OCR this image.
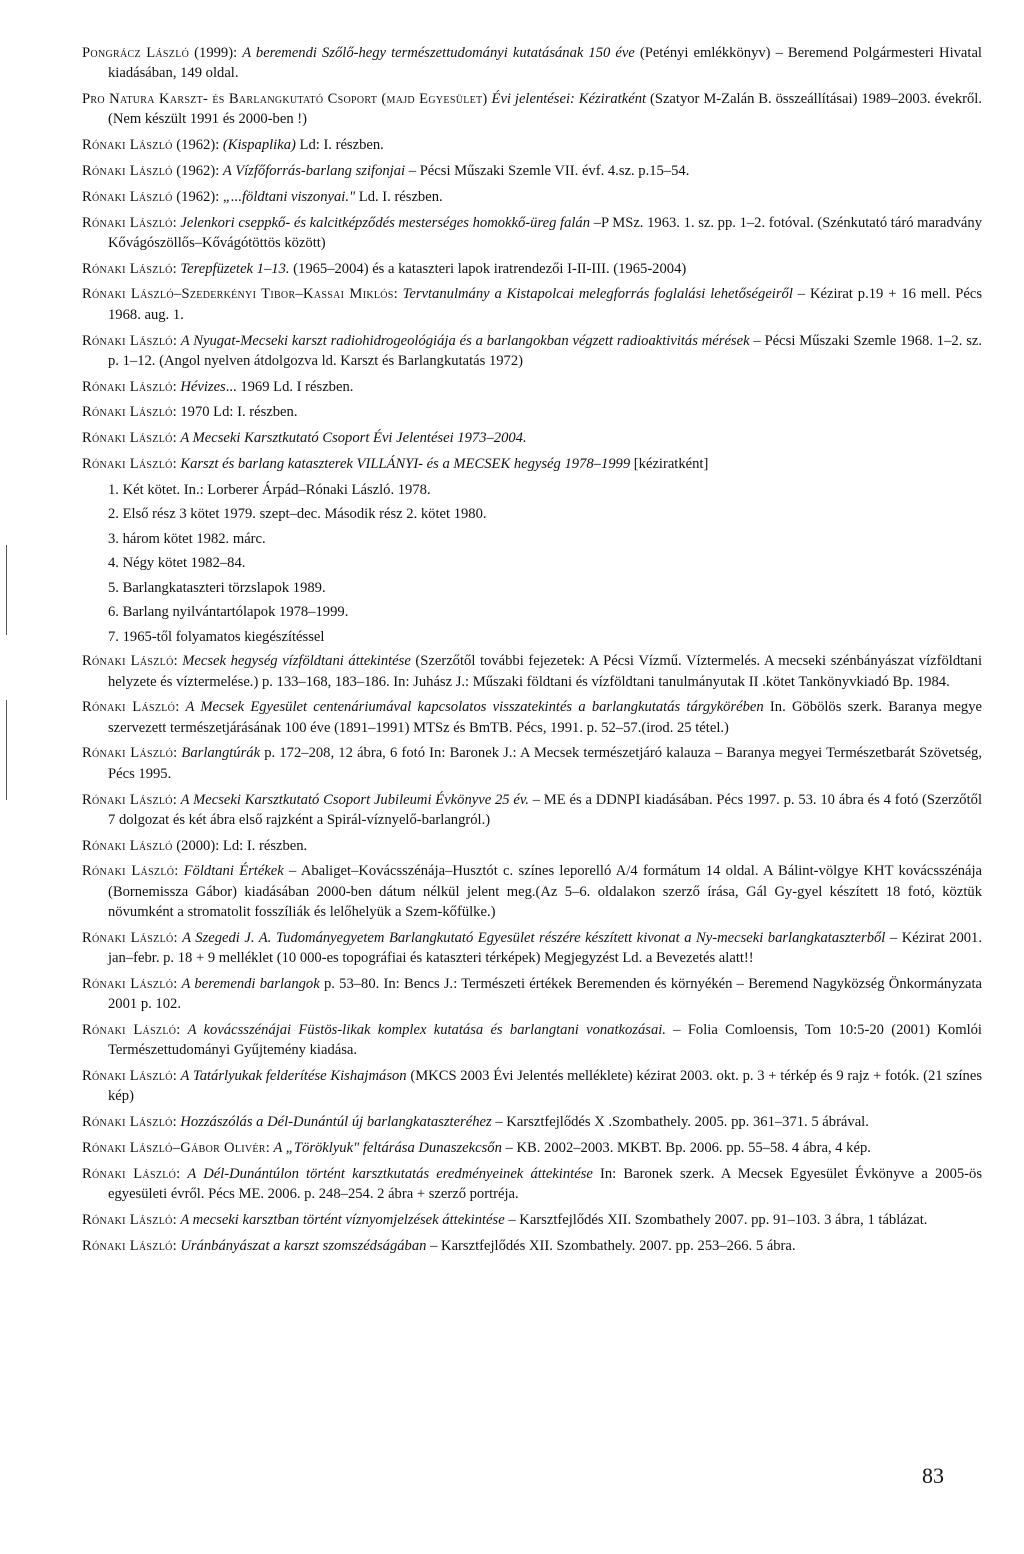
Pongrácz László (1999): A beremendi Szőlő-hegy természettudományi kutatásának 150 éve (Petényi emlékkönyv) – Beremend Polgármesteri Hivatal kiadásában, 149 oldal.

Pro Natura Karszt- és Barlangkutató Csoport (majd Egyesület) Évi jelentései: Kéziratként (Szatyor M-Zalán B. összeállításai) 1989–2003. évekről. (Nem készült 1991 és 2000-ben !)

Rónaki László (1962): (Kispaplika) Ld: I. részben.

Rónaki László (1962): A Vízfőforrás-barlang szifonjai – Pécsi Műszaki Szemle VII. évf. 4.sz. p.15–54.

Rónaki László (1962): „...földtani viszonyai." Ld. I. részben.

Rónaki László: Jelenkori cseppkő- és kalcitképződés mesterséges homokkő-üreg falán –P MSz. 1963. 1. sz. pp. 1–2. fotóval. (Szénkutató táró maradvány Kővágószöllős–Kővágótöttös között)

Rónaki László: Terepfüzetek 1–13. (1965–2004) és a kataszteri lapok iratrendezői I-II-III. (1965-2004)

Rónaki László–Szederkényi Tibor–Kassai Miklós: Tervtanulmány a Kistapolcai melegforrás foglalási lehetőségeiről – Kézirat p.19 + 16 mell. Pécs 1968. aug. 1.

Rónaki László: A Nyugat-Mecseki karszt radiohidrogeológiája és a barlangokban végzett radioaktivitás mérések – Pécsi Műszaki Szemle 1968. 1–2. sz. p. 1–12. (Angol nyelven átdolgozva ld. Karszt és Barlangkutatás 1972)

Rónaki László: Hévizes... 1969 Ld. I részben.

Rónaki László: 1970 Ld: I. részben.

Rónaki László: A Mecseki Karsztkutató Csoport Évi Jelentései 1973–2004.

Rónaki László: Karszt és barlang kataszterek VILLÁNYI- és a MECSEK hegység 1978–1999 [kéziratként]

1. Két kötet. In.: Lorberer Árpád–Rónaki László. 1978.
2. Első rész 3 kötet 1979. szept–dec. Második rész 2. kötet 1980.
3. három kötet 1982. márc.
4. Négy kötet 1982–84.
5. Barlangkataszteri törzslapok 1989.
6. Barlang nyilvántartólapok 1978–1999.
7. 1965-től folyamatos kiegészítéssel

Rónaki László: Mecsek hegység vízföldtani áttekintése (Szerzőtől további fejezetek: A Pécsi Vízmű. Víztermelés. A mecseki szénbányászat vízföldtani helyzete és víztermelése.) p. 133–168, 183–186. In: Juhász J.: Műszaki földtani és vízföldtani tanulmányutak II .kötet Tankönyvkiadó Bp. 1984.

Rónaki László: A Mecsek Egyesület centenáriumával kapcsolatos visszatekintés a barlangkutatás tárgykörében In. Göbölös szerk. Baranya megye szervezett természetjárásának 100 éve (1891–1991) MTSz és BmTB. Pécs, 1991. p. 52–57.(irod. 25 tétel.)

Rónaki László: Barlangtúrák p. 172–208, 12 ábra, 6 fotó In: Baronek J.: A Mecsek természetjáró kalauza – Baranya megyei Természetbarát Szövetség, Pécs 1995.

Rónaki László: A Mecseki Karsztkutató Csoport Jubileumi Évkönyve 25 év. – ME és a DDNPI kiadásában. Pécs 1997. p. 53. 10 ábra és 4 fotó (Szerzőtől 7 dolgozat és két ábra első rajzként a Spirál-víznyelő-barlangról.)

Rónaki László (2000): Ld: I. részben.

Rónaki László: Földtani Értékek – Abaliget–Kovácsszénája–Husztót c. színes leporelló A/4 formátum 14 oldal. A Bálint-völgye KHT kovácsszénája (Bornemissza Gábor) kiadásában 2000-ben dátum nélkül jelent meg.(Az 5–6. oldalakon szerző írása, Gál Gy-gyel készített 18 fotó, köztük növumként a stromatolit fosszíliák és lelőhelyük a Szem-kőfülke.)

Rónaki László: A Szegedi J. A. Tudományegyetem Barlangkutató Egyesület részére készített kivonat a Ny-mecseki barlangkataszterből – Kézirat 2001. jan–febr. p. 18 + 9 melléklet (10 000-es topográfiai és kataszteri térképek) Megjegyzést Ld. a Bevezetés alatt!!

Rónaki László: A beremendi barlangok p. 53–80. In: Bencs J.: Természeti értékek Beremenden és környékén – Beremend Nagyközség Önkormányzata 2001 p. 102.

Rónaki László: A kovácsszénájai Füstös-likak komplex kutatása és barlangtani vonatkozásai. – Folia Comloensis, Tom 10:5-20 (2001) Komlói Természettudományi Gyűjtemény kiadása.

Rónaki László: A Tatárlyukak felderítése Kishajmáson (MKCS 2003 Évi Jelentés melléklete) kézirat 2003. okt. p. 3 + térkép és 9 rajz + fotók. (21 színes kép)

Rónaki László: Hozzászólás a Dél-Dunántúl új barlangkataszteréhez – Karsztfejlődés X .Szombathely. 2005. pp. 361–371. 5 ábrával.

Rónaki László–Gábor Olivér: A „Töröklyuk" feltárása Dunaszekcsőn – KB. 2002–2003. MKBT. Bp. 2006. pp. 55–58. 4 ábra, 4 kép.

Rónaki László: A Dél-Dunántúlon történt karsztkutatás eredményeinek áttekintése In: Baronek szerk. A Mecsek Egyesület Évkönyve a 2005-ös egyesületi évről. Pécs ME. 2006. p. 248–254. 2 ábra + szerző portréja.

Rónaki László: A mecseki karsztban történt víznyomjelzések áttekintése – Karsztfejlődés XII. Szombathely 2007. pp. 91–103. 3 ábra, 1 táblázat.

Rónaki László: Uránbányászat a karszt szomszédságában – Karsztfejlődés XII. Szombathely. 2007. pp. 253–266. 5 ábra.

83
